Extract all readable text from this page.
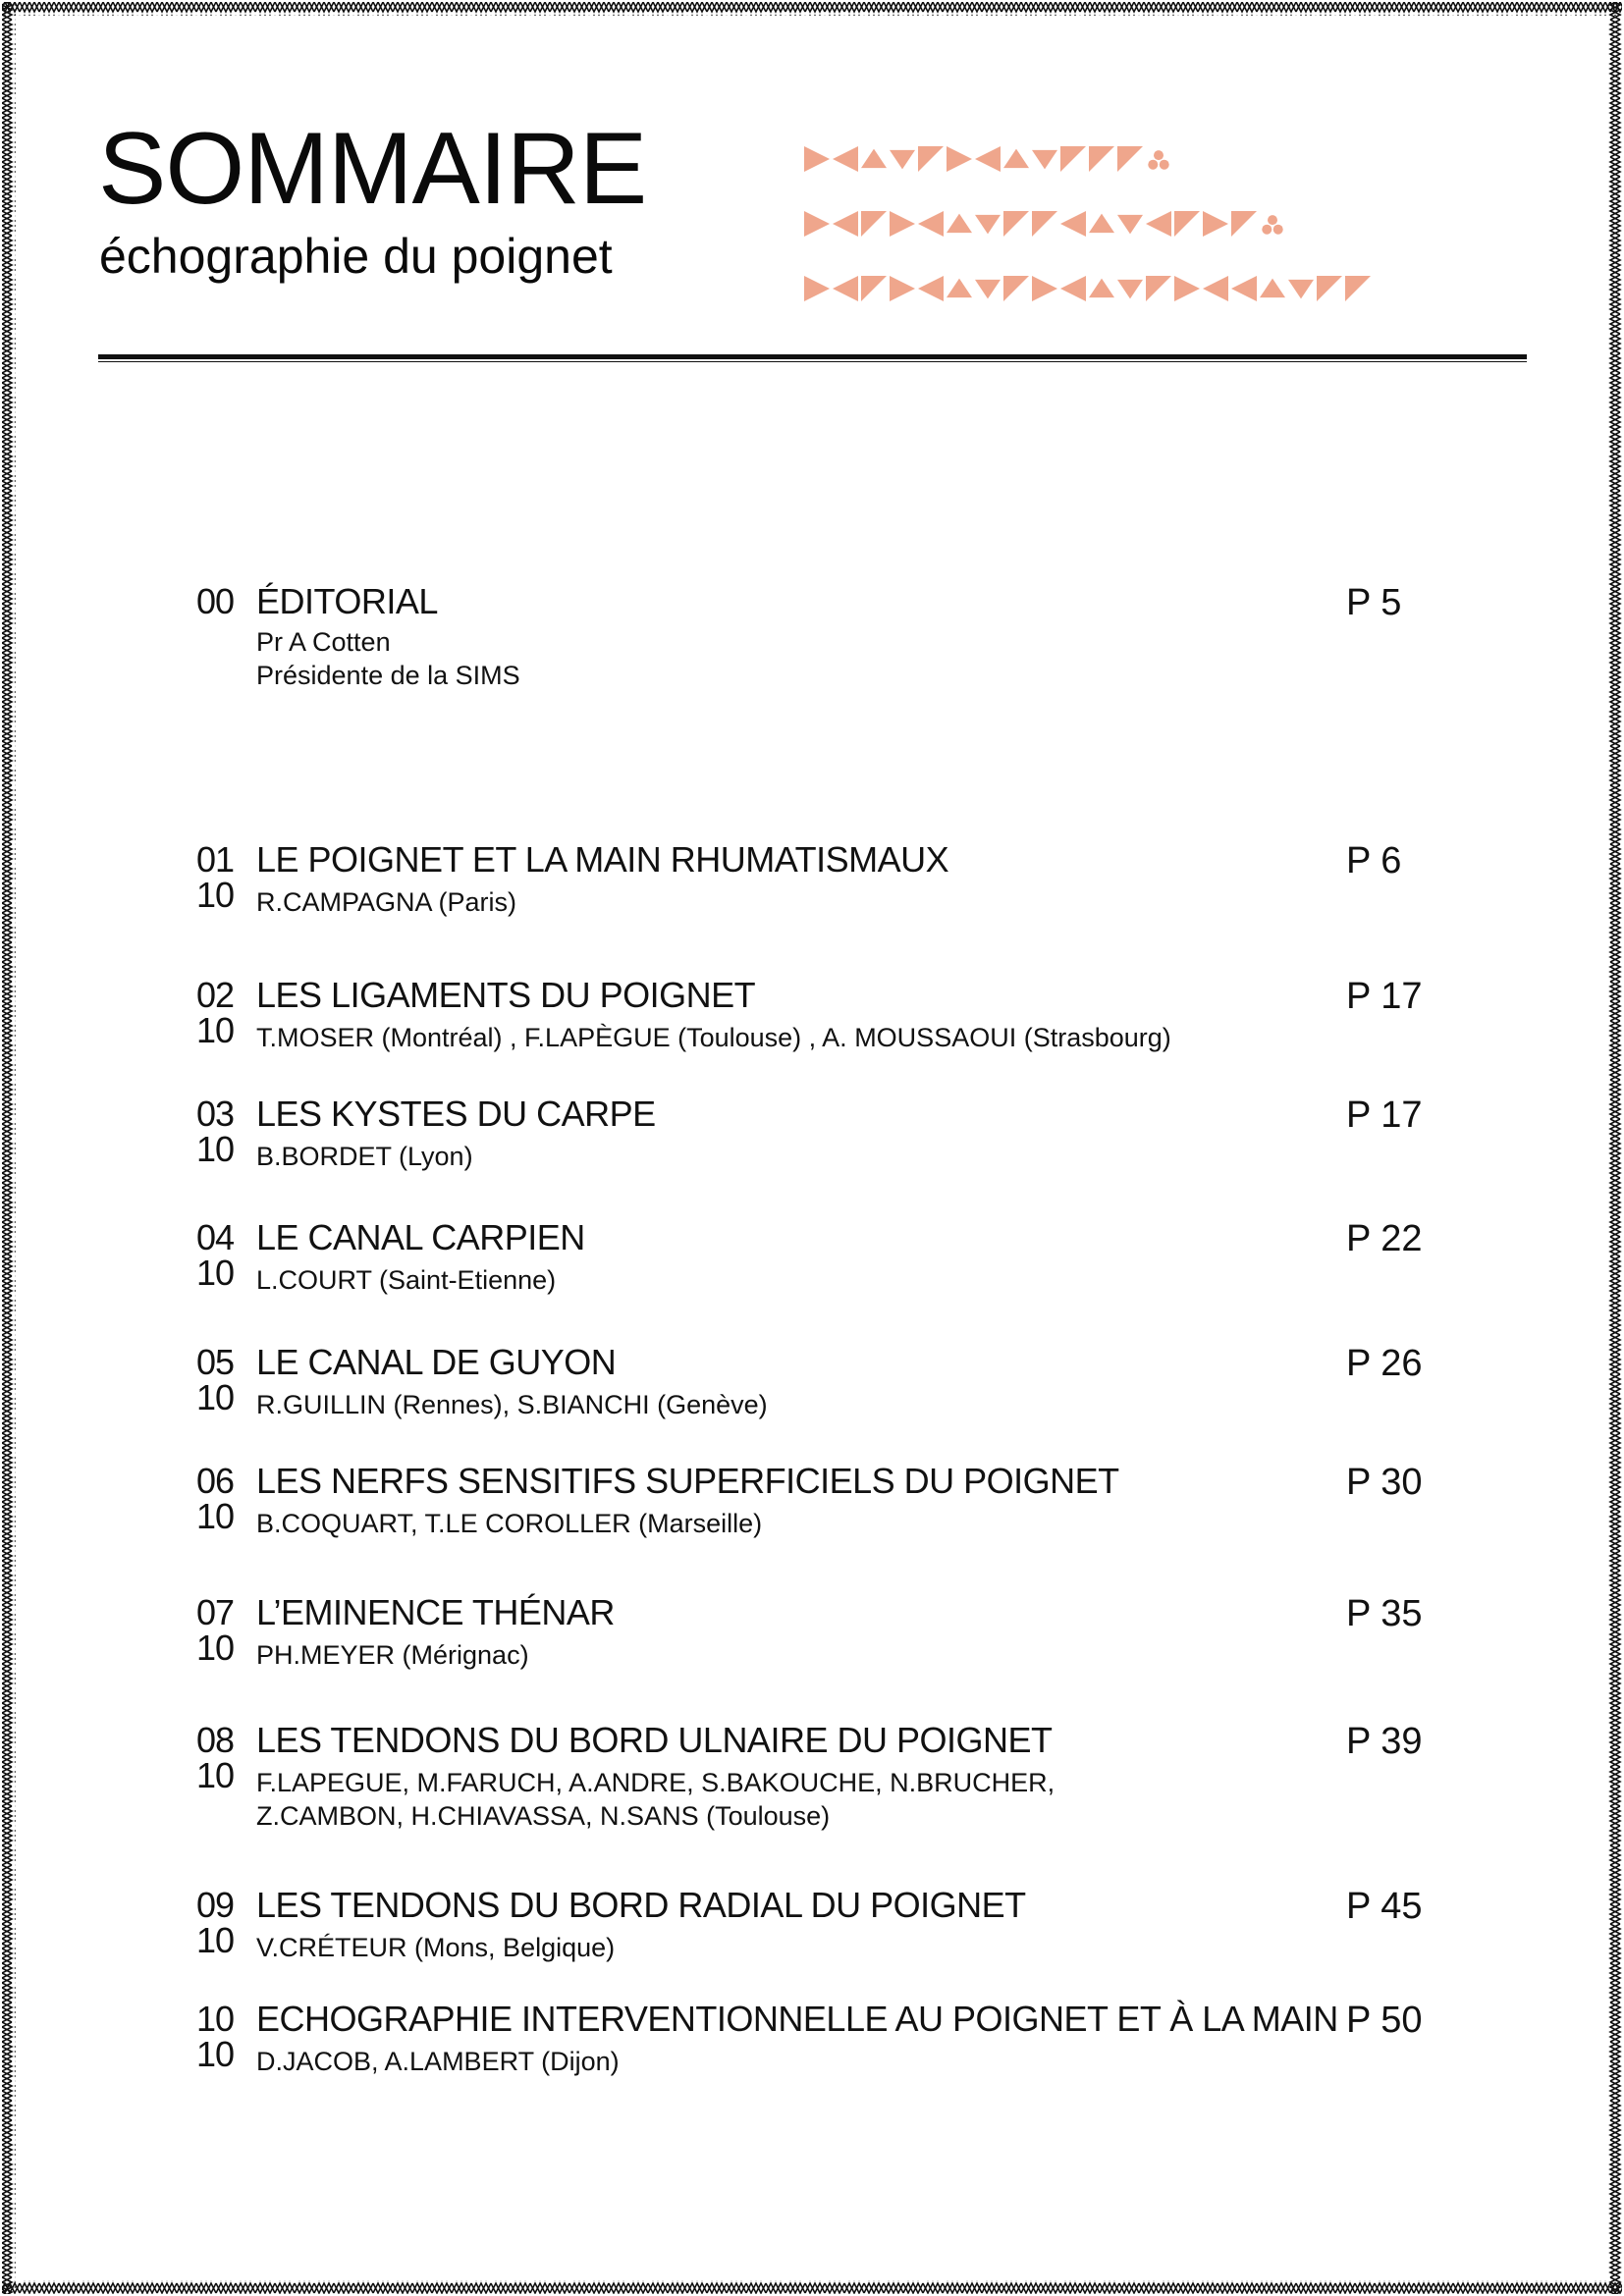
SOMMAIRE
échographie du poignet
00 ÉDITORIAL
Pr A Cotten
Présidente de la SIMS
P 5
01
10
LE POIGNET ET LA MAIN RHUMATISMAUX
R.CAMPAGNA (Paris)
P 6
02
10
LES LIGAMENTS DU POIGNET
T.MOSER (Montréal) , F.LAPÈGUE (Toulouse) , A. MOUSSAOUI (Strasbourg)
P 17
03
10
LES KYSTES DU CARPE
B.BORDET (Lyon)
P 17
04
10
LE CANAL CARPIEN
L.COURT (Saint-Etienne)
P 22
05
10
LE CANAL DE GUYON
R.GUILLIN (Rennes), S.BIANCHI (Genève)
P 26
06
10
LES NERFS SENSITIFS SUPERFICIELS DU POIGNET
B.COQUART, T.LE COROLLER (Marseille)
P 30
07
10
L’EMINENCE THÉNAR
PH.MEYER (Mérignac)
P 35
08
10
LES TENDONS DU BORD ULNAIRE DU POIGNET
F.LAPEGUE, M.FARUCH, A.ANDRE, S.BAKOUCHE, N.BRUCHER,
Z.CAMBON, H.CHIAVASSA, N.SANS (Toulouse)
P 39
09
10
LES TENDONS DU BORD RADIAL DU POIGNET
V.CRÉTEUR (Mons, Belgique)
P 45
10
10
ECHOGRAPHIE INTERVENTIONNELLE AU POIGNET ET À LA MAIN
D.JACOB, A.LAMBERT (Dijon)
P 50
